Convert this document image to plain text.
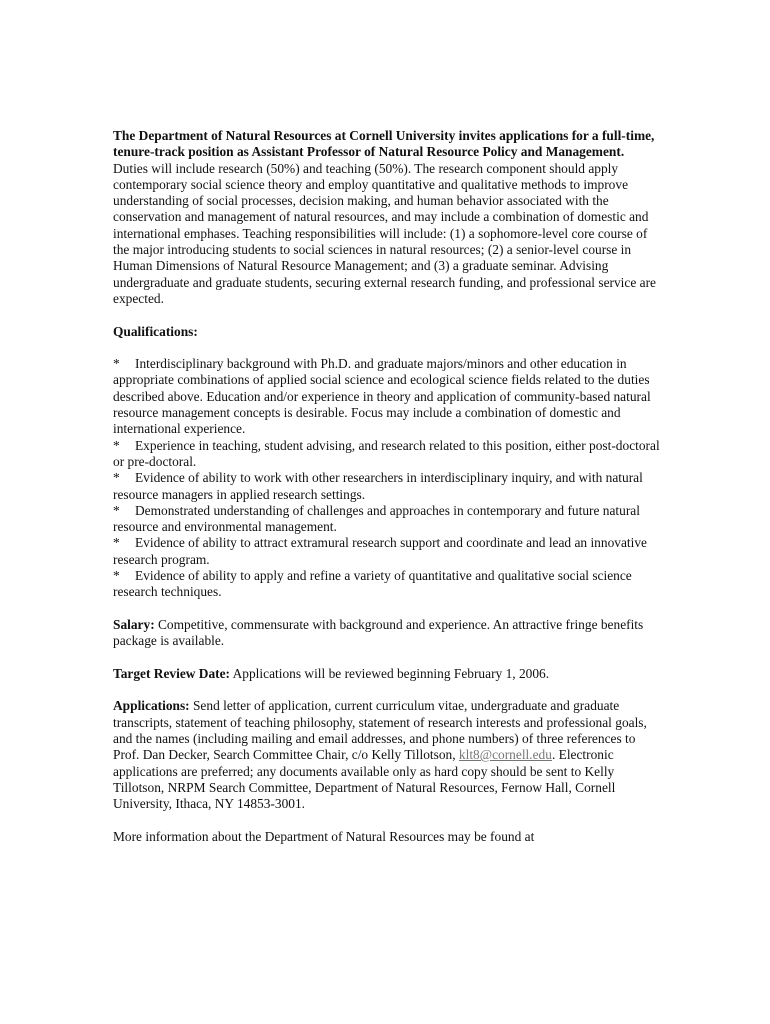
The Department of Natural Resources at Cornell University invites applications for a full-time, tenure-track position as Assistant Professor of Natural Resource Policy and Management. Duties will include research (50%) and teaching (50%). The research component should apply contemporary social science theory and employ quantitative and qualitative methods to improve understanding of social processes, decision making, and human behavior associated with the conservation and management of natural resources, and may include a combination of domestic and international emphases. Teaching responsibilities will include: (1) a sophomore-level core course of the major introducing students to social sciences in natural resources; (2) a senior-level course in Human Dimensions of Natural Resource Management; and (3) a graduate seminar. Advising undergraduate and graduate students, securing external research funding, and professional service are expected.

Qualifications:
* Interdisciplinary background with Ph.D. and graduate majors/minors and other education in appropriate combinations of applied social science and ecological science fields related to the duties described above. Education and/or experience in theory and application of community-based natural resource management concepts is desirable. Focus may include a combination of domestic and international experience.
* Experience in teaching, student advising, and research related to this position, either post-doctoral or pre-doctoral.
* Evidence of ability to work with other researchers in interdisciplinary inquiry, and with natural resource managers in applied research settings.
* Demonstrated understanding of challenges and approaches in contemporary and future natural resource and environmental management.
* Evidence of ability to attract extramural research support and coordinate and lead an innovative research program.
* Evidence of ability to apply and refine a variety of quantitative and qualitative social science research techniques.

Salary: Competitive, commensurate with background and experience. An attractive fringe benefits package is available.

Target Review Date: Applications will be reviewed beginning February 1, 2006.

Applications: Send letter of application, current curriculum vitae, undergraduate and graduate transcripts, statement of teaching philosophy, statement of research interests and professional goals, and the names (including mailing and email addresses, and phone numbers) of three references to Prof. Dan Decker, Search Committee Chair, c/o Kelly Tillotson, klt8@cornell.edu. Electronic applications are preferred; any documents available only as hard copy should be sent to Kelly Tillotson, NRPM Search Committee, Department of Natural Resources, Fernow Hall, Cornell University, Ithaca, NY 14853-3001.

More information about the Department of Natural Resources may be found at
